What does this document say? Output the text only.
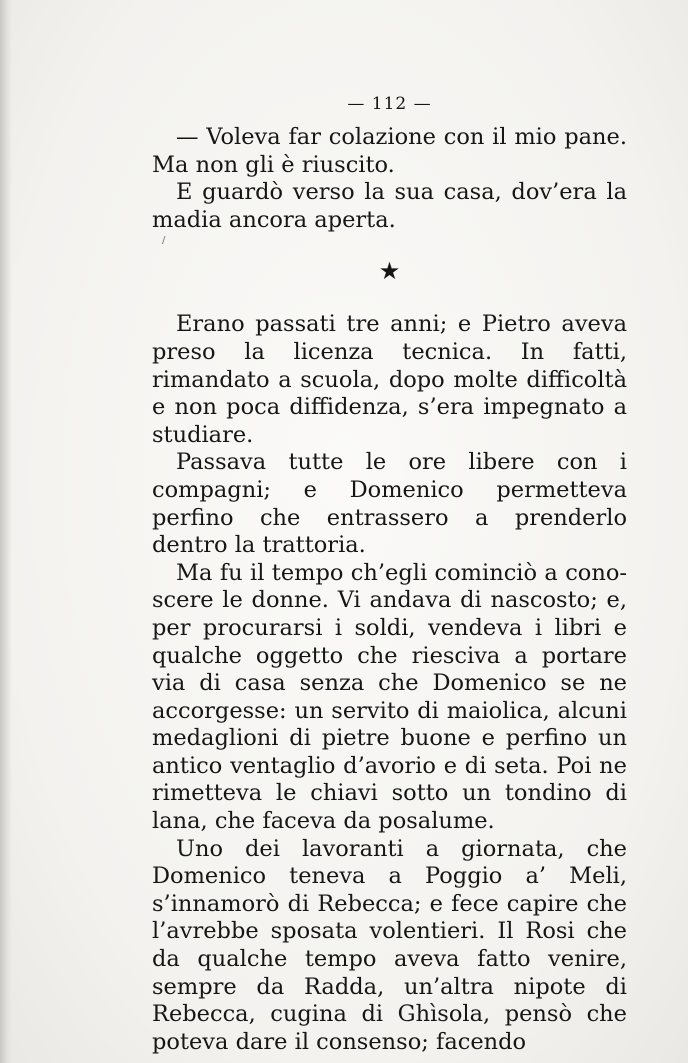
— 112 —

— Voleva far colazione con il mio pane. Ma non gli è riuscito.

E guardò verso la sua casa, dov’era la madia ancora aperta.

★

Erano passati tre anni; e Pietro aveva preso la licenza tecnica. In fatti, rimandato a scuola, dopo molte difficoltà e non poca diffidenza, s’era impegnato a studiare.

Passava tutte le ore libere con i compagni; e Domenico permetteva perfino che entrassero a prenderlo dentro la trattoria.

Ma fu il tempo ch’egli cominciò a conoscere le donne. Vi andava di nascosto; e, per procurarsi i soldi, vendeva i libri e qualche oggetto che riesciva a portare via di casa senza che Domenico se ne accorgesse: un servito di maiolica, alcuni medaglioni di pietre buone e perfino un antico ventaglio d’avorio e di seta. Poi ne rimetteva le chiavi sotto un tondino di lana, che faceva da posalume.

Uno dei lavoranti a giornata, che Domenico teneva a Poggio a’ Meli, s’innamorò di Rebecca; e fece capire che l’avrebbe sposata volentieri. Il Rosi che da qualche tempo aveva fatto venire, sempre da Radda, un’altra nipote di Rebecca, cugina di Ghìsola, pensò che poteva dare il consenso; facendo

/
